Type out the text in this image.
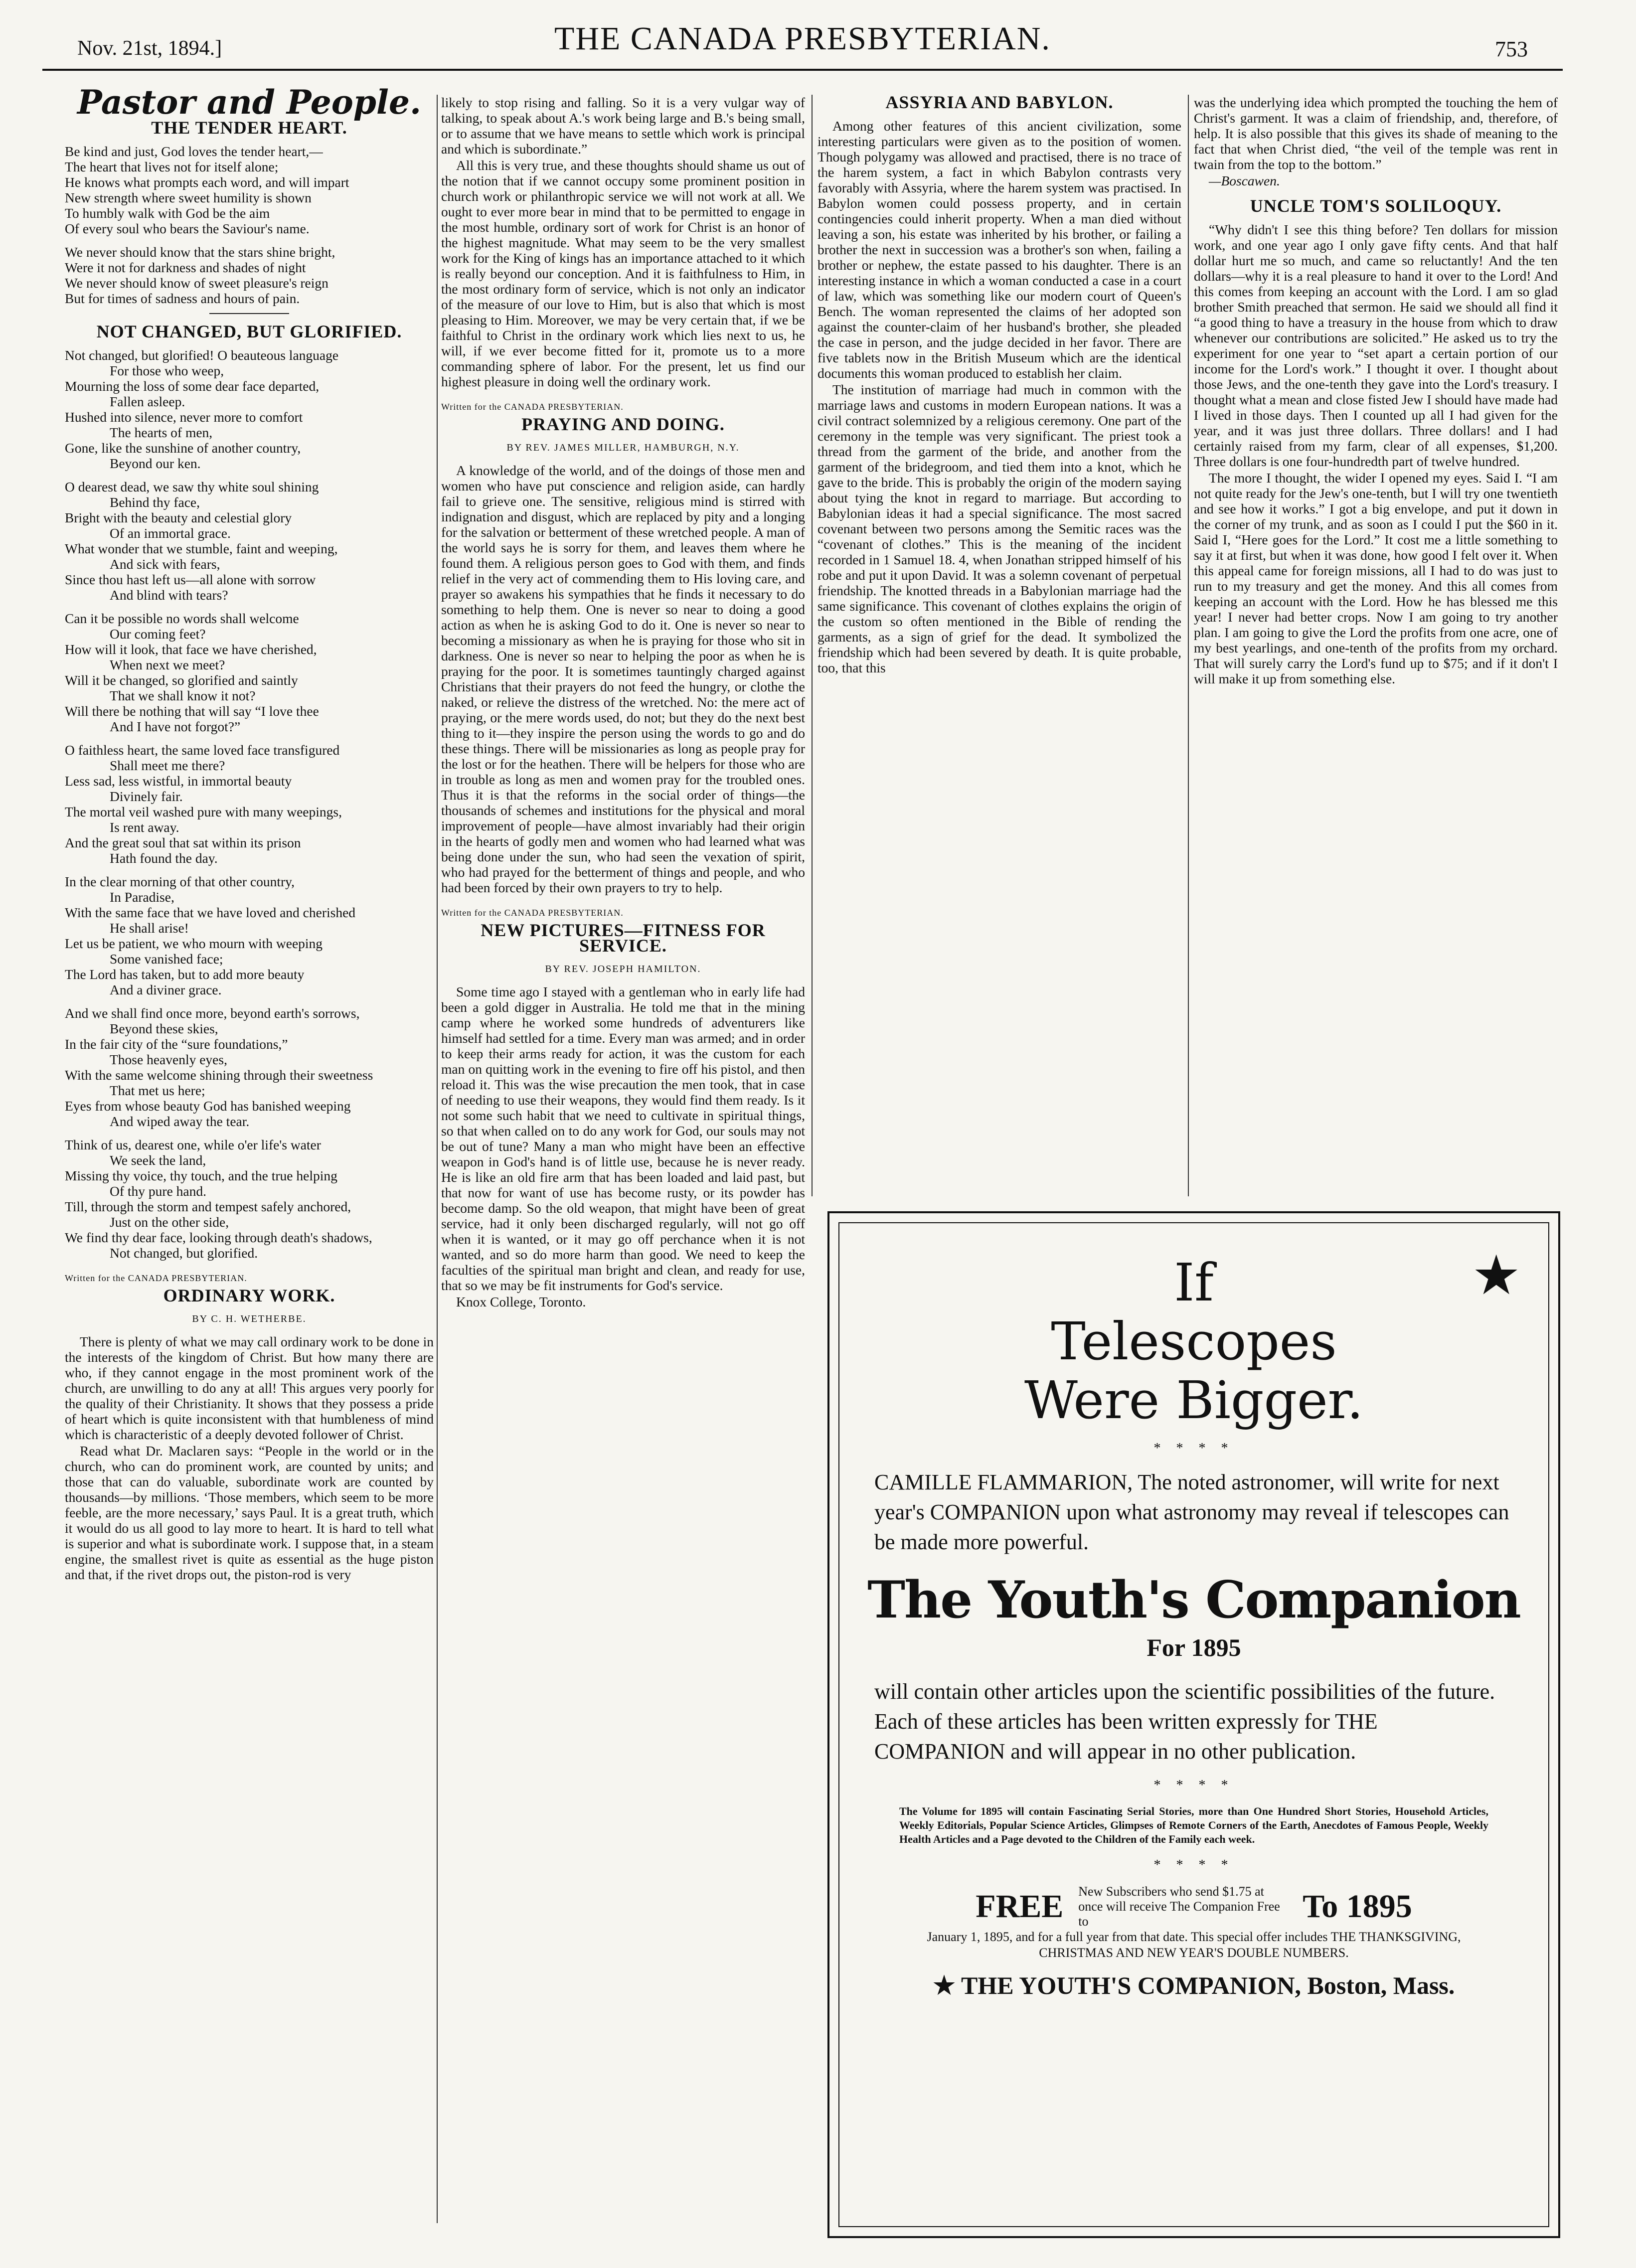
Nov. 21st, 1894.]	THE CANADA PRESBYTERIAN.	753
Pastor and People.
THE TENDER HEART.
Be kind and just, God loves the tender heart,—
The heart that lives not for itself alone;
He knows what prompts each word, and will impart
New strength where sweet humility is shown
To humbly walk with God be the aim
Of every soul who bears the Saviour's name.
We never should know that the stars shine bright,
Were it not for darkness and shades of night
We never should know of sweet pleasure's reign
But for times of sadness and hours of pain.
NOT CHANGED, BUT GLORIFIED.
Not changed, but glorified! O beauteous language
For those who weep,
Mourning the loss of some dear face departed,
Fallen asleep.
Hushed into silence, never more to comfort
The hearts of men,
Gone, like the sunshine of another country,
Beyond our ken.
O dearest dead, we saw thy white soul shining
Behind thy face,
Bright with the beauty and celestial glory
Of an immortal grace.
What wonder that we stumble, faint and weeping,
And sick with fears,
Since thou hast left us—all alone with sorrow
And blind with tears?
Can it be possible no words shall welcome
Our coming feet?
How will it look, that face we have cherished,
When next we meet?
Will it be changed, so glorified and saintly
That we shall know it not?
Will there be nothing that will say “I love thee
And I have not forgot?”
O faithless heart, the same loved face transfigured
Shall meet me there?
Less sad, less wistful, in immortal beauty
Divinely fair.
The mortal veil washed pure with many weepings,
Is rent away.
And the great soul that sat within its prison
Hath found the day.
In the clear morning of that other country,
In Paradise,
With the same face that we have loved and cherished
He shall arise!
Let us be patient, we who mourn with weeping
Some vanished face;
The Lord has taken, but to add more beauty
And a diviner grace.
And we shall find once more, beyond earth's sorrows,
Beyond these skies,
In the fair city of the “sure foundations,”
Those heavenly eyes,
With the same welcome shining through their sweetness
That met us here;
Eyes from whose beauty God has banished weeping
And wiped away the tear.
Think of us, dearest one, while o'er life's water
We seek the land,
Missing thy voice, thy touch, and the true helping
Of thy pure hand.
Till, through the storm and tempest safely anchored,
Just on the other side,
We find thy dear face, looking through death's shadows,
Not changed, but glorified.
Written for the CANADA PRESBYTERIAN.
ORDINARY WORK.
BY C. H. WETHERBE.

There is plenty of what we may call ordinary work to be done in the interests of the kingdom of Christ. But how many there are who, if they cannot engage in the most prominent work of the church, are unwilling to do any at all! This argues very poorly for the quality of their Christianity. It shows that they possess a pride of heart which is quite inconsistent with that humbleness of mind which is characteristic of a deeply devoted follower of Christ.

Read what Dr. Maclaren says: “People in the world or in the church, who can do prominent work, are counted by units; and those that can do valuable, subordinate work are counted by thousands—by millions. ‘Those members, which seem to be more feeble, are the more necessary,’ says Paul. It is a great truth, which it would do us all good to lay more to heart. It is hard to tell what is superior and what is subordinate work. I suppose that, in a steam engine, the smallest rivet is quite as essential as the huge piston and that, if the rivet drops out, the piston-rod is very

likely to stop rising and falling. So it is a very vulgar way of talking, to speak about A.'s work being large and B.'s being small, or to assume that we have means to settle which work is principal and which is subordinate.”

All this is very true, and these thoughts should shame us out of the notion that if we cannot occupy some prominent position in church work or philanthropic service we will not work at all. We ought to ever more bear in mind that to be permitted to engage in the most humble, ordinary sort of work for Christ is an honor of the highest magnitude. What may seem to be the very smallest work for the King of kings has an importance attached to it which is really beyond our conception. And it is faithfulness to Him, in the most ordinary form of service, which is not only an indicator of the measure of our love to Him, but is also that which is most pleasing to Him. Moreover, we may be very certain that, if we be faithful to Christ in the ordinary work which lies next to us, he will, if we ever become fitted for it, promote us to a more commanding sphere of labor. For the present, let us find our highest pleasure in doing well the ordinary work.

Written for the CANADA PRESBYTERIAN.
PRAYING AND DOING.
BY REV. JAMES MILLER, HAMBURGH, N.Y.

A knowledge of the world, and of the doings of those men and women who have put conscience and religion aside, can hardly fail to grieve one. The sensitive, religious mind is stirred with indignation and disgust, which are replaced by pity and a longing for the salvation or betterment of these wretched people. A man of the world says he is sorry for them, and leaves them where he found them. A religious person goes to God with them, and finds relief in the very act of commending them to His loving care, and prayer so awakens his sympathies that he finds it necessary to do something to help them. One is never so near to doing a good action as when he is asking God to do it. One is never so near to becoming a missionary as when he is praying for those who sit in darkness. One is never so near to helping the poor as when he is praying for the poor. It is sometimes tauntingly charged against Christians that their prayers do not feed the hungry, or clothe the naked, or relieve the distress of the wretched. No: the mere act of praying, or the mere words used, do not; but they do the next best thing to it—they inspire the person using the words to go and do these things. There will be missionaries as long as people pray for the lost or for the heathen. There will be helpers for those who are in trouble as long as men and women pray for the troubled ones. Thus it is that the reforms in the social order of things—the thousands of schemes and institutions for the physical and moral improvement of people—have almost invariably had their origin in the hearts of godly men and women who had learned what was being done under the sun, who had seen the vexation of spirit, who had prayed for the betterment of things and people, and who had been forced by their own prayers to try to help.

Written for the CANADA PRESBYTERIAN.
NEW PICTURES—FITNESS FOR SERVICE.
BY REV. JOSEPH HAMILTON.

Some time ago I stayed with a gentleman who in early life had been a gold digger in Australia. He told me that in the mining camp where he worked some hundreds of adventurers like himself had settled for a time. Every man was armed; and in order to keep their arms ready for action, it was the custom for each man on quitting work in the evening to fire off his pistol, and then reload it. This was the wise precaution the men took, that in case of needing to use their weapons, they would find them ready. Is it not some such habit that we need to cultivate in spiritual things, so that when called on to do any work for God, our souls may not be out of tune? Many a man who might have been an effective weapon in God's hand is of little use, because he is never ready. He is like an old fire arm that has been loaded and laid past, but that now for want of use has become rusty, or its powder has become damp. So the old weapon, that might have been of great service, had it only been discharged regularly, will not go off when it is wanted, or it may go off perchance when it is not wanted, and so do more harm than good. We need to keep the faculties of the spiritual man bright and clean, and ready for use, that so we may be fit instruments for God's service.

Knox College, Toronto.

ASSYRIA AND BABYLON.

Among other features of this ancient civilization, some interesting particulars were given as to the position of women. Though polygamy was allowed and practised, there is no trace of the harem system, a fact in which Babylon contrasts very favorably with Assyria, where the harem system was practised. In Babylon women could possess property, and in certain contingencies could inherit property. When a man died without leaving a son, his estate was inherited by his brother, or failing a brother the next in succession was a brother's son when, failing a brother or nephew, the estate passed to his daughter. There is an interesting instance in which a woman conducted a case in a court of law, which was something like our modern court of Queen's Bench. The woman represented the claims of her adopted son against the counter-claim of her husband's brother, she pleaded the case in person, and the judge decided in her favor. There are five tablets now in the British Museum which are the identical documents this woman produced to establish her claim.

The institution of marriage had much in common with the marriage laws and customs in modern European nations. It was a civil contract solemnized by a religious ceremony. One part of the ceremony in the temple was very significant. The priest took a thread from the garment of the bride, and another from the garment of the bridegroom, and tied them into a knot, which he gave to the bride. This is probably the origin of the modern saying about tying the knot in regard to marriage. But according to Babylonian ideas it had a special significance. The most sacred covenant between two persons among the Semitic races was the “covenant of clothes.” This is the meaning of the incident recorded in 1 Samuel 18. 4, when Jonathan stripped himself of his robe and put it upon David. It was a solemn covenant of perpetual friendship. The knotted threads in a Babylonian marriage had the same significance. This covenant of clothes explains the origin of the custom so often mentioned in the Bible of rending the garments, as a sign of grief for the dead. It symbolized the friendship which had been severed by death. It is quite probable, too, that this

was the underlying idea which prompted the touching the hem of Christ's garment. It was a claim of friendship, and, therefore, of help. It is also possible that this gives its shade of meaning to the fact that when Christ died, “the veil of the temple was rent in twain from the top to the bottom.”

—Boscawen.

UNCLE TOM'S SOLILOQUY.

“Why didn't I see this thing before? Ten dollars for mission work, and one year ago I only gave fifty cents. And that half dollar hurt me so much, and came so reluctantly! And the ten dollars—why it is a real pleasure to hand it over to the Lord! And this comes from keeping an account with the Lord. I am so glad brother Smith preached that sermon. He said we should all find it “a good thing to have a treasury in the house from which to draw whenever our contributions are solicited.” He asked us to try the experiment for one year to “set apart a certain portion of our income for the Lord's work.” I thought it over. I thought about those Jews, and the one-tenth they gave into the Lord's treasury. I thought what a mean and close fisted Jew I should have made had I lived in those days. Then I counted up all I had given for the year, and it was just three dollars. Three dollars! and I had certainly raised from my farm, clear of all expenses, $1,200. Three dollars is one four-hundredth part of twelve hundred.

The more I thought, the wider I opened my eyes. Said I. “I am not quite ready for the Jew's one-tenth, but I will try one twentieth and see how it works.” I got a big envelope, and put it down in the corner of my trunk, and as soon as I could I put the $60 in it. Said I, “Here goes for the Lord.” It cost me a little something to say it at first, but when it was done, how good I felt over it. When this appeal came for foreign missions, all I had to do was just to run to my treasury and get the money. And this all comes from keeping an account with the Lord. How he has blessed me this year! I never had better crops. Now I am going to try another plan. I am going to give the Lord the profits from one acre, one of my best yearlings, and one-tenth of the profits from my orchard. That will surely carry the Lord's fund up to $75; and if it don't I will make it up from something else.

★
If
Telescopes
Were Bigger.
* * * *
CAMILLE FLAMMARION, The noted astronomer, will write for next year's COMPANION upon what astronomy may reveal if telescopes can be made more powerful.
The Youth's Companion
For 1895
will contain other articles upon the scientific possibilities of the future. Each of these articles has been written expressly for THE COMPANION and will appear in no other publication.
* * * *
The Volume for 1895 will contain Fascinating Serial Stories, more than One Hundred Short Stories, Household Articles, Weekly Editorials, Popular Science Articles, Glimpses of Remote Corners of the Earth, Anecdotes of Famous People, Weekly Health Articles and a Page devoted to the Children of the Family each week.
* * * *
FREE New Subscribers who send $1.75 at once will receive The Companion Free to	To 1895
January 1, 1895, and for a full year from that date. This special offer includes THE THANKSGIVING, CHRISTMAS AND NEW YEAR'S DOUBLE NUMBERS.
★ THE YOUTH'S COMPANION, Boston, Mass.
